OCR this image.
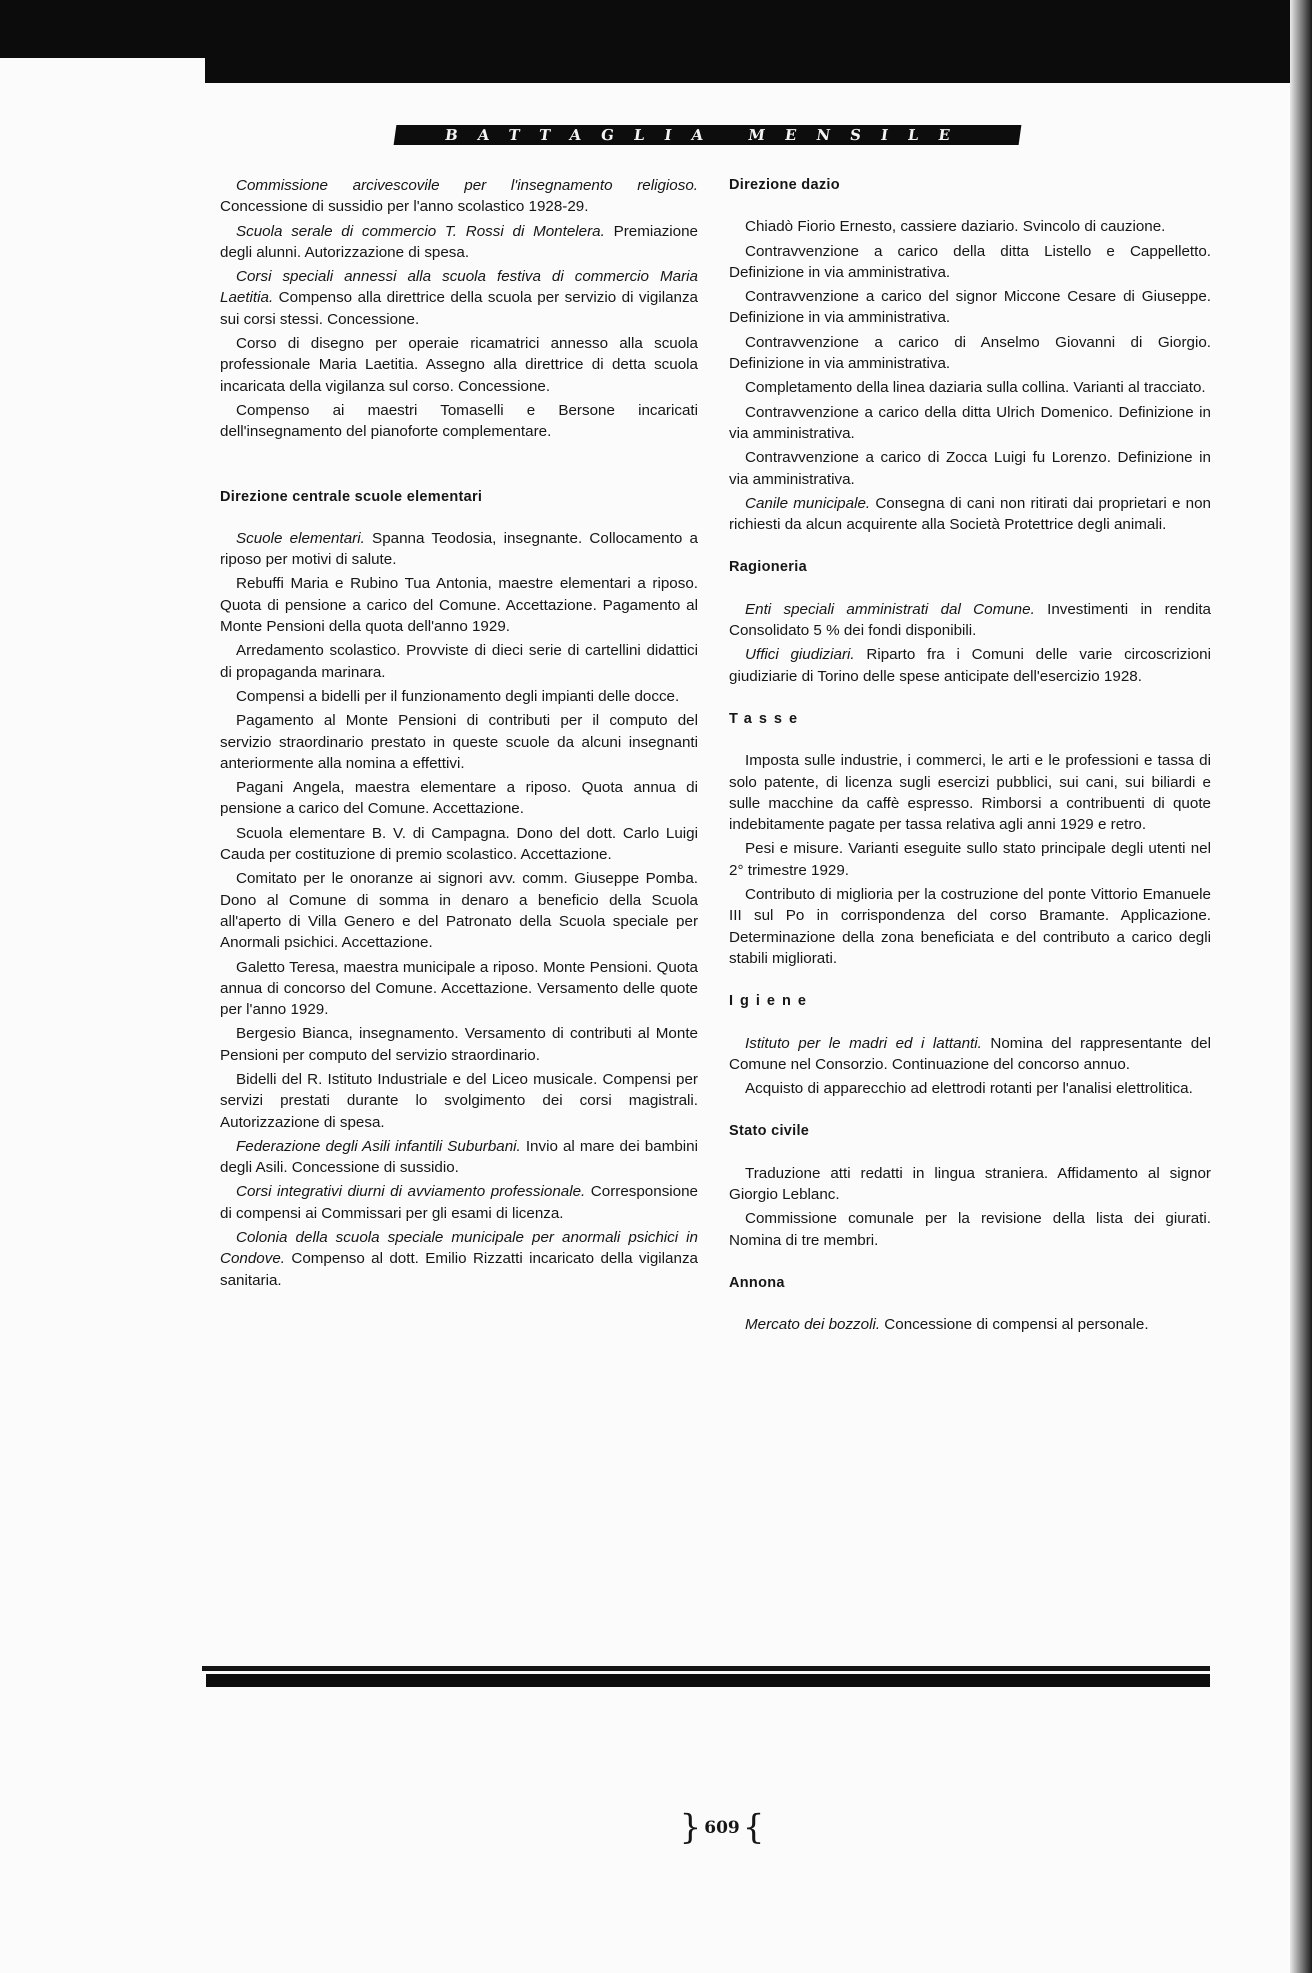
BATTAGLIA MENSILE

Commissione arcivescovile per l'insegnamento religioso. Concessione di sussidio per l'anno scolastico 1928-29.

Scuola serale di commercio T. Rossi di Montelera. Premiazione degli alunni. Autorizzazione di spesa.

Corsi speciali annessi alla scuola festiva di commercio Maria Laetitia. Compenso alla direttrice della scuola per servizio di vigilanza sui corsi stessi. Concessione.

Corso di disegno per operaie ricamatrici annesso alla scuola professionale Maria Laetitia. Assegno alla direttrice di detta scuola incaricata della vigilanza sul corso. Concessione.

Compenso ai maestri Tomaselli e Bersone incaricati dell'insegnamento del pianoforte complementare.

Direzione centrale scuole elementari

Scuole elementari. Spanna Teodosia, insegnante. Collocamento a riposo per motivi di salute.

Rebuffi Maria e Rubino Tua Antonia, maestre elementari a riposo. Quota di pensione a carico del Comune. Accettazione. Pagamento al Monte Pensioni della quota dell'anno 1929.

Arredamento scolastico. Provviste di dieci serie di cartellini didattici di propaganda marinara.

Compensi a bidelli per il funzionamento degli impianti delle docce.

Pagamento al Monte Pensioni di contributi per il computo del servizio straordinario prestato in queste scuole da alcuni insegnanti anteriormente alla nomina a effettivi.

Pagani Angela, maestra elementare a riposo. Quota annua di pensione a carico del Comune. Accettazione.

Scuola elementare B. V. di Campagna. Dono del dott. Carlo Luigi Cauda per costituzione di premio scolastico. Accettazione.

Comitato per le onoranze ai signori avv. comm. Giuseppe Pomba. Dono al Comune di somma in denaro a beneficio della Scuola all'aperto di Villa Genero e del Patronato della Scuola speciale per Anormali psichici. Accettazione.

Galetto Teresa, maestra municipale a riposo. Monte Pensioni. Quota annua di concorso del Comune. Accettazione. Versamento delle quote per l'anno 1929.

Bergesio Bianca, insegnamento. Versamento di contributi al Monte Pensioni per computo del servizio straordinario.

Bidelli del R. Istituto Industriale e del Liceo musicale. Compensi per servizi prestati durante lo svolgimento dei corsi magistrali. Autorizzazione di spesa.

Federazione degli Asili infantili Suburbani. Invio al mare dei bambini degli Asili. Concessione di sussidio.

Corsi integrativi diurni di avviamento professionale. Corresponsione di compensi ai Commissari per gli esami di licenza.

Colonia della scuola speciale municipale per anormali psichici in Condove. Compenso al dott. Emilio Rizzatti incaricato della vigilanza sanitaria.

Direzione dazio

Chiadò Fiorio Ernesto, cassiere daziario. Svincolo di cauzione.

Contravvenzione a carico della ditta Listello e Cappelletto. Definizione in via amministrativa.

Contravvenzione a carico del signor Miccone Cesare di Giuseppe. Definizione in via amministrativa.

Contravvenzione a carico di Anselmo Giovanni di Giorgio. Definizione in via amministrativa.

Completamento della linea daziaria sulla collina. Varianti al tracciato.

Contravvenzione a carico della ditta Ulrich Domenico. Definizione in via amministrativa.

Contravvenzione a carico di Zocca Luigi fu Lorenzo. Definizione in via amministrativa.

Canile municipale. Consegna di cani non ritirati dai proprietari e non richiesti da alcun acquirente alla Società Protettrice degli animali.

Ragioneria

Enti speciali amministrati dal Comune. Investimenti in rendita Consolidato 5 % dei fondi disponibili.

Uffici giudiziari. Riparto fra i Comuni delle varie circoscrizioni giudiziarie di Torino delle spese anticipate dell'esercizio 1928.

Tasse

Imposta sulle industrie, i commerci, le arti e le professioni e tassa di solo patente, di licenza sugli esercizi pubblici, sui cani, sui biliardi e sulle macchine da caffè espresso. Rimborsi a contribuenti di quote indebitamente pagate per tassa relativa agli anni 1929 e retro.

Pesi e misure. Varianti eseguite sullo stato principale degli utenti nel 2° trimestre 1929.

Contributo di miglioria per la costruzione del ponte Vittorio Emanuele III sul Po in corrispondenza del corso Bramante. Applicazione. Determinazione della zona beneficiata e del contributo a carico degli stabili migliorati.

Igiene

Istituto per le madri ed i lattanti. Nomina del rappresentante del Comune nel Consorzio. Continuazione del concorso annuo.

Acquisto di apparecchio ad elettrodi rotanti per l'analisi elettrolitica.

Stato civile

Traduzione atti redatti in lingua straniera. Affidamento al signor Giorgio Leblanc.

Commissione comunale per la revisione della lista dei giurati. Nomina di tre membri.

Annona

Mercato dei bozzoli. Concessione di compensi al personale.

} 609{
